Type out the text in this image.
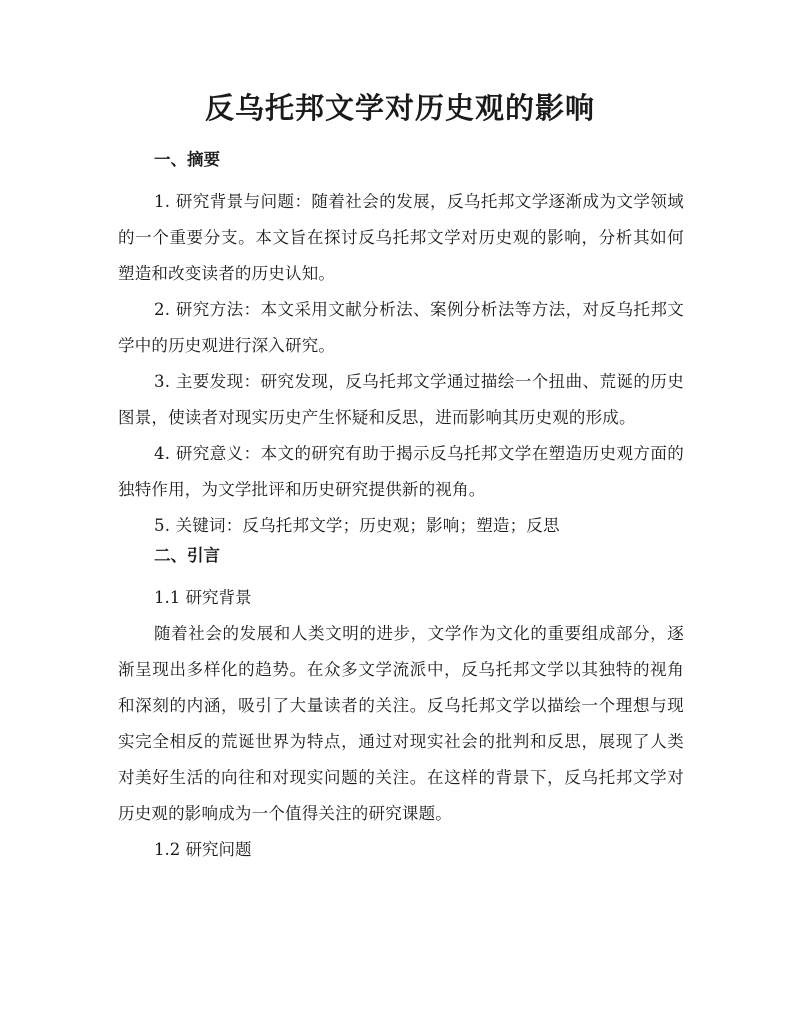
反乌托邦文学对历史观的影响
一、摘要

1. 研究背景与问题：随着社会的发展，反乌托邦文学逐渐成为文学领域的一个重要分支。本文旨在探讨反乌托邦文学对历史观的影响，分析其如何塑造和改变读者的历史认知。

2. 研究方法：本文采用文献分析法、案例分析法等方法，对反乌托邦文学中的历史观进行深入研究。

3. 主要发现：研究发现，反乌托邦文学通过描绘一个扭曲、荒诞的历史图景，使读者对现实历史产生怀疑和反思，进而影响其历史观的形成。

4. 研究意义：本文的研究有助于揭示反乌托邦文学在塑造历史观方面的独特作用，为文学批评和历史研究提供新的视角。

5. 关键词：反乌托邦文学；历史观；影响；塑造；反思

二、引言

1.1 研究背景

随着社会的发展和人类文明的进步，文学作为文化的重要组成部分，逐渐呈现出多样化的趋势。在众多文学流派中，反乌托邦文学以其独特的视角和深刻的内涵，吸引了大量读者的关注。反乌托邦文学以描绘一个理想与现实完全相反的荒诞世界为特点，通过对现实社会的批判和反思，展现了人类对美好生活的向往和对现实问题的关注。在这样的背景下，反乌托邦文学对历史观的影响成为一个值得关注的研究课题。

1.2 研究问题
